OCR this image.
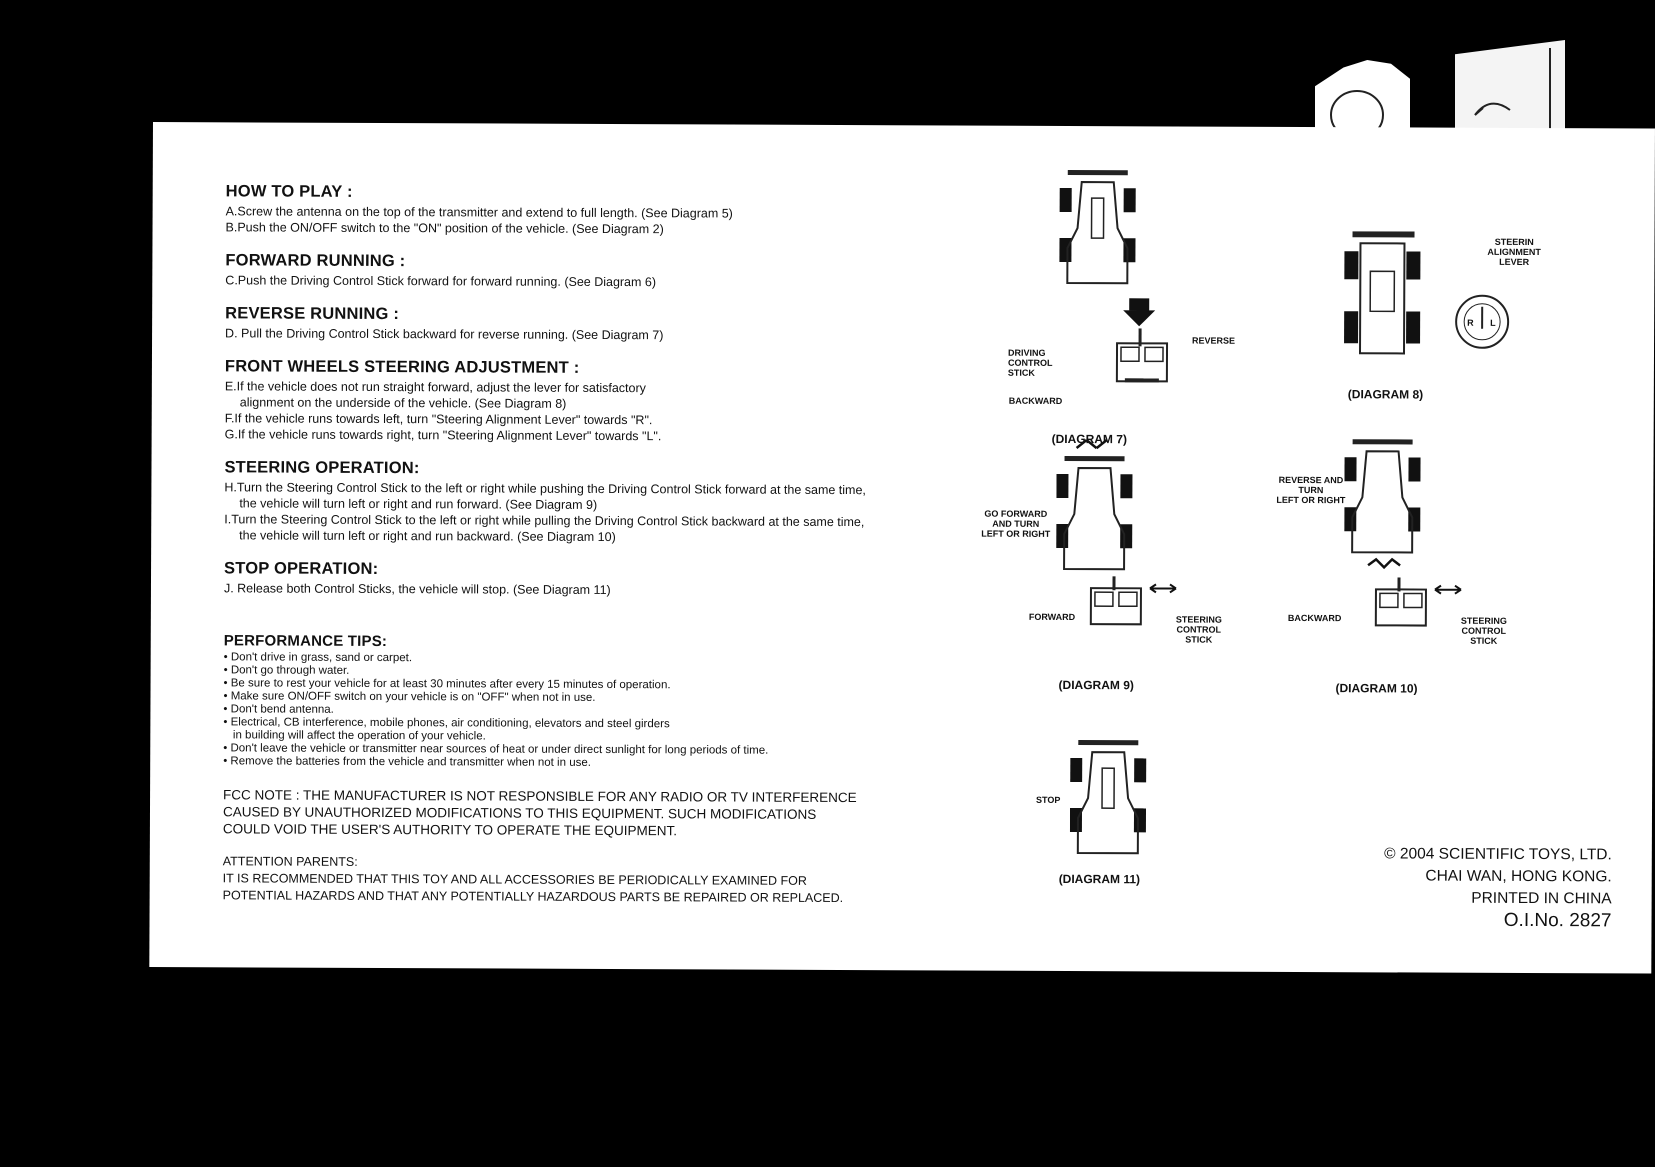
HOW TO PLAY :
A.Screw the antenna on the top of the transmitter and extend to full length. (See Diagram 5)
B.Push the ON/OFF switch to the "ON" position of the vehicle. (See Diagram 2)
FORWARD RUNNING :
C.Push the Driving Control Stick forward for forward running. (See Diagram 6)
REVERSE RUNNING :
D. Pull the Driving Control Stick backward for reverse running. (See Diagram 7)
FRONT WHEELS STEERING ADJUSTMENT :
E.If the vehicle does not run straight forward, adjust the lever for satisfactory
alignment on the underside of the vehicle. (See Diagram 8)
F.If the vehicle runs towards left, turn "Steering Alignment Lever" towards "R".
G.If the vehicle runs towards right, turn "Steering Alignment Lever" towards "L".
STEERING OPERATION:
H.Turn the Steering Control Stick to the left or right while pushing the Driving Control Stick forward at the same time,
the vehicle will turn left or right and run forward. (See Diagram 9)
I.Turn the Steering Control Stick to the left or right while pulling the Driving Control Stick backward at the same time,
the vehicle will turn left or right and run backward. (See Diagram 10)
STOP OPERATION:
J. Release both Control Sticks, the vehicle will stop. (See Diagram 11)
PERFORMANCE TIPS:
• Don't drive in grass, sand or carpet.
• Don't go through water.
• Be sure to rest your vehicle for at least 30 minutes after every 15 minutes of operation.
• Make sure ON/OFF switch on your vehicle is on "OFF" when not in use.
• Don't bend antenna.
• Electrical, CB interference, mobile phones, air conditioning, elevators and steel girders
in building will affect the operation of your vehicle.
• Don't leave the vehicle or transmitter near sources of heat or under direct sunlight for long periods of time.
• Remove the batteries from the vehicle and transmitter when not in use.
FCC NOTE : THE MANUFACTURER IS NOT RESPONSIBLE FOR ANY RADIO OR TV INTERFERENCE
CAUSED BY UNAUTHORIZED MODIFICATIONS TO THIS EQUIPMENT. SUCH MODIFICATIONS
COULD VOID THE USER'S AUTHORITY TO OPERATE THE EQUIPMENT.
ATTENTION PARENTS:
IT IS RECOMMENDED THAT THIS TOY AND ALL ACCESSORIES BE PERIODICALLY EXAMINED FOR
POTENTIAL HAZARDS AND THAT ANY POTENTIALLY HAZARDOUS PARTS BE REPAIRED OR REPLACED.
REVERSE
DRIVING
CONTROL
STICK
BACKWARD
(DIAGRAM 7)
STEERIN
ALIGNMENT
LEVER
R L
(DIAGRAM 8)
GO FORWARD
AND TURN
LEFT OR RIGHT
FORWARD	STEERING
CONTROL
STICK
(DIAGRAM 9)
REVERSE AND
TURN
LEFT OR RIGHT
BACKWARD	STEERING
CONTROL
STICK
(DIAGRAM 10)
STOP
(DIAGRAM 11)
© 2004 SCIENTIFIC TOYS, LTD.
CHAI WAN, HONG KONG.
PRINTED IN CHINA
O.I.No. 2827
